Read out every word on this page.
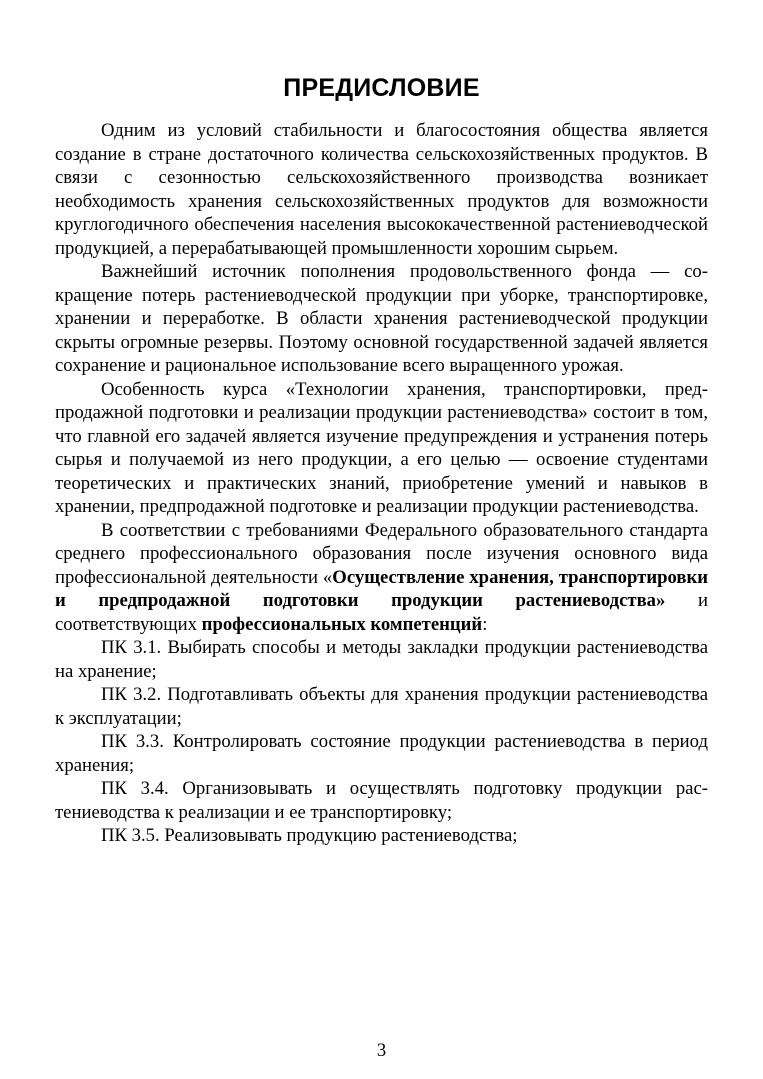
ПРЕДИСЛОВИЕ

Одним из условий стабильности и благосостояния общества является создание в стране достаточного количества сельскохозяйственных продуктов. В связи с сезонностью сельскохозяйственного производства возникает необходимость хранения сельскохозяйственных продуктов для возможности круглогодичного обеспечения населения высококачественной растениеводческой продукцией, а перерабатывающей промышленности хорошим сырьем.

Важнейший источник пополнения продовольственного фонда — сокращение потерь растениеводческой продукции при уборке, транспортировке, хранении и переработке. В области хранения растениеводческой продукции скрыты огромные резервы. Поэтому основной государственной задачей является сохранение и рациональное использование всего выращенного урожая.

Особенность курса «Технологии хранения, транспортировки, предпродажной подготовки и реализации продукции растениеводства» состоит в том, что главной его задачей является изучение предупреждения и устранения потерь сырья и получаемой из него продукции, а его целью — освоение студентами теоретических и практических знаний, приобретение умений и навыков в хранении, предпродажной подготовке и реализации продукции растениеводства.

В соответствии с требованиями Федерального образовательного стандарта среднего профессионального образования после изучения основного вида профессиональной деятельности «Осуществление хранения, транспортировки и предпродажной подготовки продукции растениеводства» и соответствующих профессиональных компетенций:

ПК 3.1. Выбирать способы и методы закладки продукции растениеводства на хранение;

ПК 3.2. Подготавливать объекты для хранения продукции растениеводства к эксплуатации;

ПК 3.3. Контролировать состояние продукции растениеводства в период хранения;

ПК 3.4. Организовывать и осуществлять подготовку продукции растениеводства к реализации и ее транспортировку;

ПК 3.5. Реализовывать продукцию растениеводства;

3
